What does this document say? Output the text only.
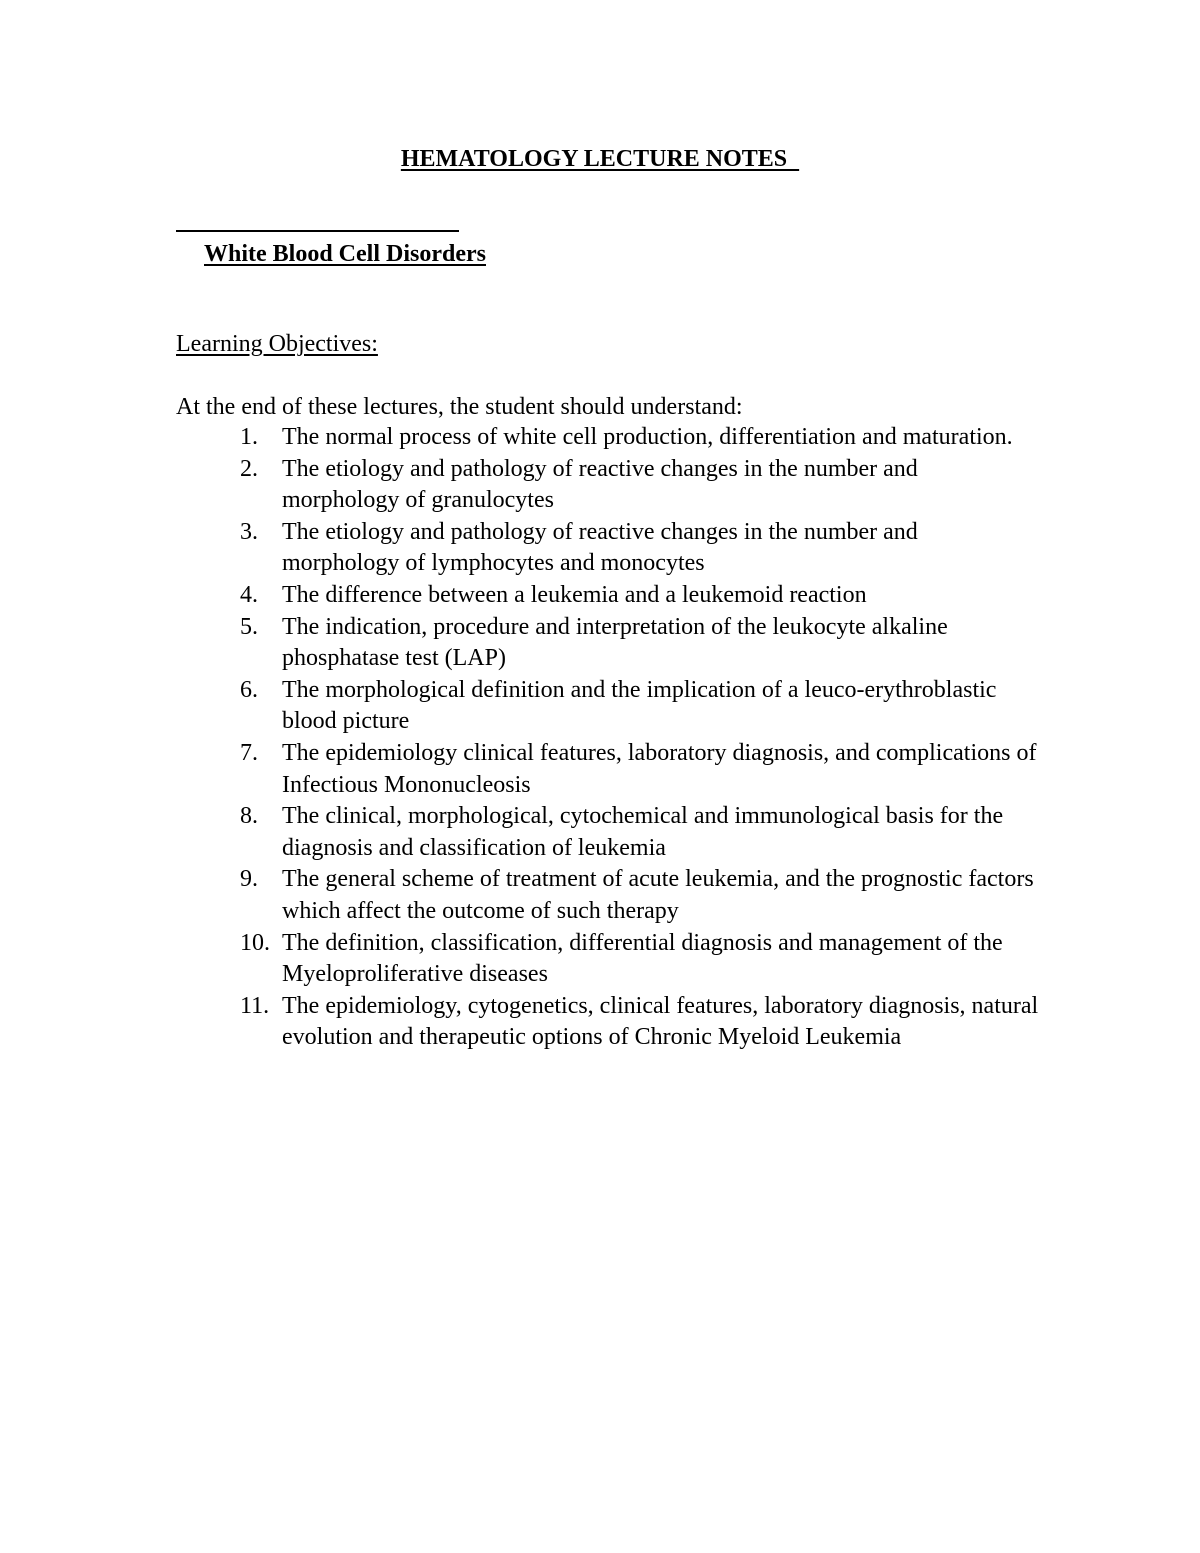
HEMATOLOGY LECTURE NOTES
White Blood Cell Disorders
Learning Objectives:
At the end of these lectures, the student should understand:
1.	The normal process of white cell production, differentiation and maturation.
2.	The etiology and pathology of reactive changes in the number and morphology of granulocytes
3.	The etiology and pathology of reactive changes in the number and morphology of lymphocytes and monocytes
4.	The difference between a leukemia and a leukemoid reaction
5.	The indication, procedure and interpretation of the leukocyte alkaline phosphatase test (LAP)
6.	The morphological definition and the implication of a leuco-erythroblastic blood picture
7.	The epidemiology clinical features, laboratory diagnosis, and complications of Infectious Mononucleosis
8.	The clinical, morphological, cytochemical and immunological basis for the diagnosis and classification of leukemia
9.	The general scheme of treatment of acute leukemia, and the prognostic factors which affect the outcome of such therapy
10. The definition, classification, differential diagnosis and management of the Myeloproliferative diseases
11. The epidemiology, cytogenetics, clinical features, laboratory diagnosis, natural evolution and therapeutic options of Chronic Myeloid Leukemia
